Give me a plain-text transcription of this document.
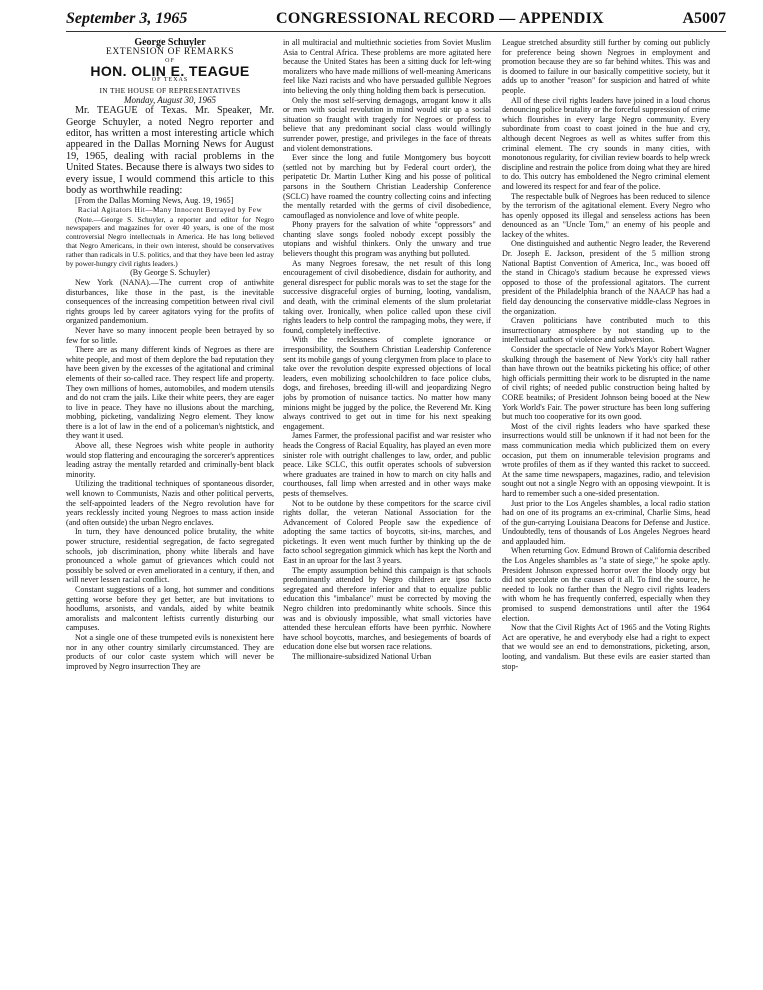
September 3, 1965	CONGRESSIONAL RECORD — APPENDIX	A5007

George Schuyler

EXTENSION OF REMARKS

OF

HON. OLIN E. TEAGUE

OF TEXAS

IN THE HOUSE OF REPRESENTATIVES

Monday, August 30, 1965

Mr. TEAGUE of Texas. Mr. Speaker, Mr. George Schuyler, a noted Negro reporter and editor, has written a most interesting article which appeared in the Dallas Morning News for August 19, 1965, dealing with racial problems in the United States. Because there is always two sides to every issue, I would commend this article to this body as worthwhile reading:

[From the Dallas Morning News, Aug. 19, 1965]

Racial Agitators Hit—Many Innocent Betrayed by Few

(Note.—George S. Schuyler, a reporter and editor for Negro newspapers and magazines for over 40 years, is one of the most controversial Negro intellectuals in America. He has long believed that Negro Americans, in their own interest, should be conservatives rather than radicals in U.S. politics, and that they have been led astray by power-hungry civil rights leaders.)

(By George S. Schuyler)

New York (NANA).—The current crop of antiwhite disturbances, like those in the past, is the inevitable consequences of the increasing competition between rival civil rights groups led by career agitators vying for the profits of organized pandemonium.

Never have so many innocent people been betrayed by so few for so little.

There are as many different kinds of Negroes as there are white people, and most of them deplore the bad reputation they have been given by the excesses of the agitational and criminal elements of their so-called race. They respect life and property. They own millions of homes, automobiles, and modern utensils and do not cram the jails. Like their white peers, they are eager to live in peace. They have no illusions about the marching, mobbing, picketing, vandalizing Negro element. They know there is a lot of law in the end of a policeman's nightstick, and they want it used.

Above all, these Negroes wish white people in authority would stop flattering and encouraging the sorcerer's apprentices leading astray the mentally retarded and criminally-bent black minority.

Utilizing the traditional techniques of spontaneous disorder, well known to Communists, Nazis and other political perverts, the self-appointed leaders of the Negro revolution have for years recklessly incited young Negroes to mass action inside (and often outside) the urban Negro enclaves.

In turn, they have denounced police brutality, the white power structure, residential segregation, de facto segregated schools, job discrimination, phony white liberals and have pronounced a whole gamut of grievances which could not possibly be solved or even ameliorated in a century, if then, and will never lessen racial conflict.

Constant suggestions of a long, hot summer and conditions getting worse before they get better, are but invitations to hoodlums, arsonists, and vandals, aided by white beatnik amoralists and malcontent leftists currently disturbing our campuses.

Not a single one of these trumpeted evils is nonexistent here nor in any other country similarly circumstanced. They are products of our color caste system which will never be improved by Negro insurrection They are

in all multiracial and multiethnic societies from Soviet Muslim Asia to Central Africa. These problems are more agitated here because the United States has been a sitting duck for left-wing moralizers who have made millions of well-meaning Americans feel like Nazi racists and who have persuaded gullible Negroes into believing the only thing holding them back is persecution.

Only the most self-serving demagogs, arrogant know it alls or men with social revolution in mind would stir up a social situation so fraught with tragedy for Negroes or profess to believe that any predominant social class would willingly surrender power, prestige, and privileges in the face of threats and violent demonstrations.

Ever since the long and futile Montgomery bus boycott (settled not by marching but by Federal court order), the peripatetic Dr. Martin Luther King and his posse of political parsons in the Southern Christian Leadership Conference (SCLC) have roamed the country collecting coins and infecting the mentally retarded with the germs of civil disobedience, camouflaged as nonviolence and love of white people.

Phony prayers for the salvation of white "oppressors" and chanting slave songs fooled nobody except possibly the utopians and wishful thinkers. Only the unwary and true believers thought this program was anything but polluted.

As many Negroes foresaw, the net result of this long encouragement of civil disobedience, disdain for authority, and general disrespect for public morals was to set the stage for the successive disgraceful orgies of burning, looting, vandalism, and death, with the criminal elements of the slum proletariat taking over. Ironically, when police called upon these civil rights leaders to help control the rampaging mobs, they were, if found, completely ineffective.

With the recklessness of complete ignorance or irresponsibility, the Southern Christian Leadership Conference sent its mobile gangs of young clergymen from place to place to take over the revolution despite expressed objections of local leaders, even mobilizing schoolchildren to face police clubs, dogs, and firehoses, breeding ill-will and jeopardizing Negro jobs by promotion of nuisance tactics. No matter how many minions might be jugged by the police, the Reverend Mr. King always contrived to get out in time for his next speaking engagement.

James Farmer, the professional pacifist and war resister who heads the Congress of Racial Equality, has played an even more sinister role with outright challenges to law, order, and public peace. Like SCLC, this outfit operates schools of subversion where graduates are trained in how to march on city halls and courthouses, fall limp when arrested and in other ways make pests of themselves.

Not to be outdone by these competitors for the scarce civil rights dollar, the veteran National Association for the Advancement of Colored People saw the expedience of adopting the same tactics of boycotts, sit-ins, marches, and picketings. It even went much further by thinking up the de facto school segregation gimmick which has kept the North and East in an uproar for the last 3 years.

The empty assumption behind this campaign is that schools predominantly attended by Negro children are ipso facto segregated and therefore inferior and that to equalize public education this "imbalance" must be corrected by moving the Negro children into predominantly white schools. Since this was and is obviously impossible, what small victories have attended these herculean efforts have been pyrrhic. Nowhere have school boycotts, marches, and besiegements of boards of education done else but worsen race relations.

The millionaire-subsidized National Urban

League stretched absurdity still further by coming out publicly for preference being shown Negroes in employment and promotion because they are so far behind whites. This was and is doomed to failure in our basically competitive society, but it adds up to another "reason" for suspicion and hatred of white people.

All of these civil rights leaders have joined in a loud chorus denouncing police brutality or the forceful suppression of crime which flourishes in every large Negro community. Every subordinate from coast to coast joined in the hue and cry, although decent Negroes as well as whites suffer from this criminal element. The cry sounds in many cities, with monotonous regularity, for civilian review boards to help wreck discipline and restrain the police from doing what they are hired to do. This outcry has emboldened the Negro criminal element and lowered its respect for and fear of the police.

The respectable bulk of Negroes has been reduced to silence by the terrorism of the agitational element. Every Negro who has openly opposed its illegal and senseless actions has been denounced as an "Uncle Tom," an enemy of his people and lackey of the whites.

One distinguished and authentic Negro leader, the Reverend Dr. Joseph E. Jackson, president of the 5 million strong National Baptist Convention of America, Inc., was booed off the stand in Chicago's stadium because he expressed views opposed to those of the professional agitators. The current president of the Philadelphia branch of the NAACP has had a field day denouncing the conservative middle-class Negroes in the organization.

Craven politicians have contributed much to this insurrectionary atmosphere by not standing up to the intellectual authors of violence and subversion.

Consider the spectacle of New York's Mayor Robert Wagner skulking through the basement of New York's city hall rather than have thrown out the beatniks picketing his office; of other high officials permitting their work to be disrupted in the name of civil rights; of needed public construction being halted by CORE beatniks; of President Johnson being booed at the New York World's Fair. The power structure has been long suffering but much too cooperative for its own good.

Most of the civil rights leaders who have sparked these insurrections would still be unknown if it had not been for the mass communication media which publicized them on every occasion, put them on innumerable television programs and wrote profiles of them as if they wanted this racket to succeed. At the same time newspapers, magazines, radio, and television sought out not a single Negro with an opposing viewpoint. It is hard to remember such a one-sided presentation.

Just prior to the Los Angeles shambles, a local radio station had on one of its programs an ex-criminal, Charlie Sims, head of the gun-carrying Louisiana Deacons for Defense and Justice. Undoubtedly, tens of thousands of Los Angeles Negroes heard and applauded him.

When returning Gov. Edmund Brown of California described the Los Angeles shambles as "a state of siege," he spoke aptly. President Johnson expressed horror over the bloody orgy but did not speculate on the causes of it all. To find the source, he needed to look no farther than the Negro civil rights leaders with whom he has frequently conferred, especially when they promised to suspend demonstrations until after the 1964 election.

Now that the Civil Rights Act of 1965 and the Voting Rights Act are operative, he and everybody else had a right to expect that we would see an end to demonstrations, picketing, arson, looting, and vandalism. But these evils are easier started than stop-
